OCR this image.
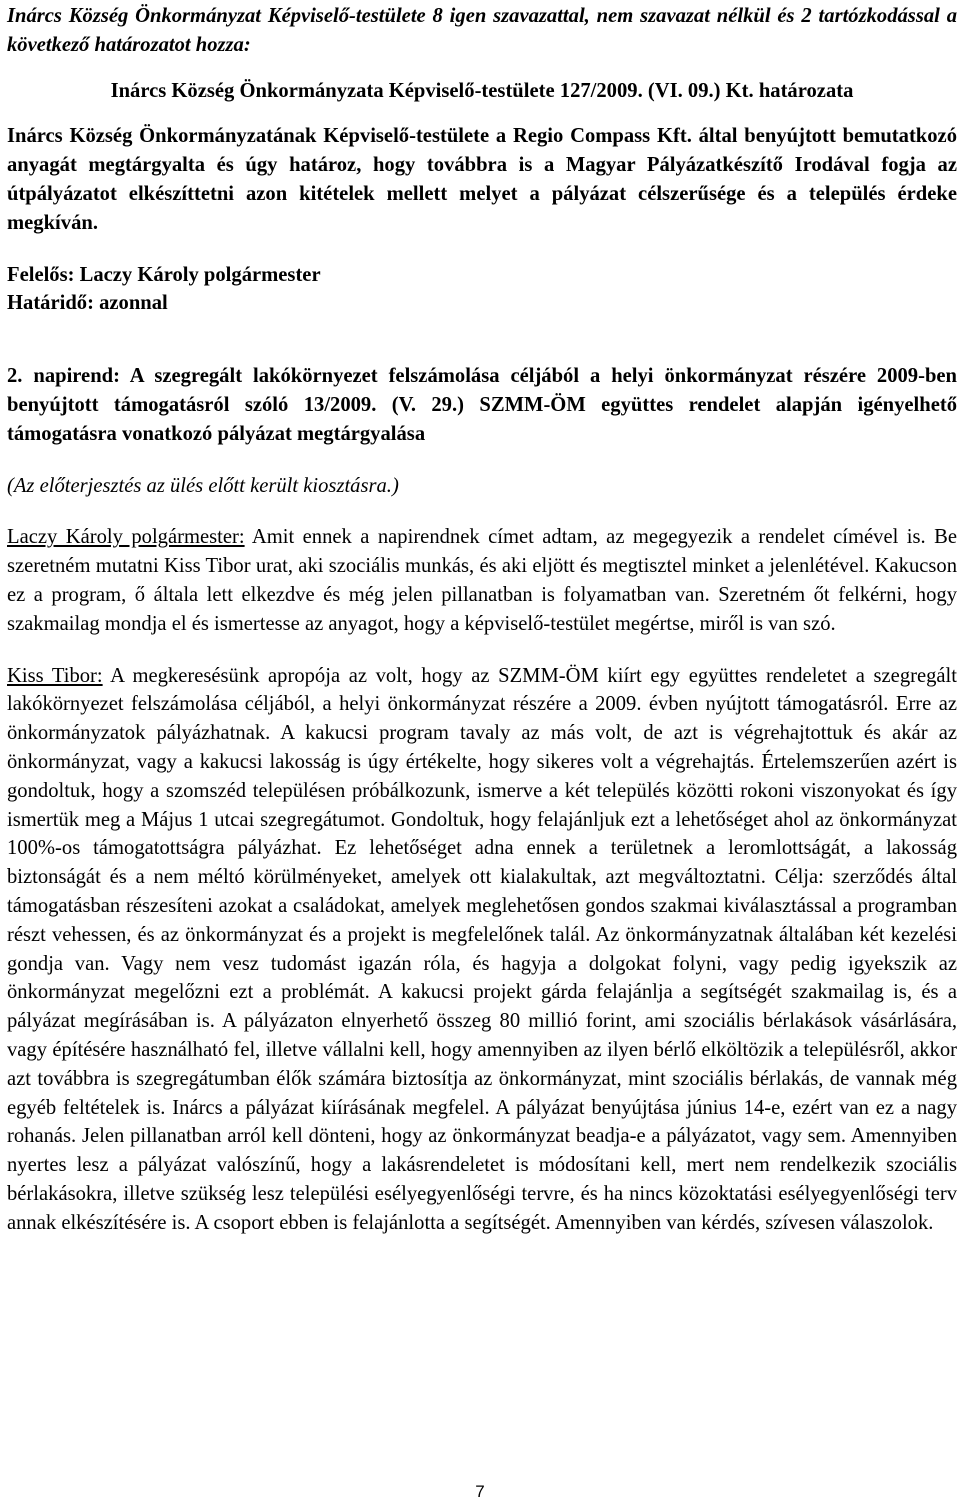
Inárcs Község Önkormányzat Képviselő-testülete 8 igen szavazattal, nem szavazat nélkül és 2 tartózkodással a következő határozatot hozza:

Inárcs Község Önkormányzata Képviselő-testülete 127/2009. (VI. 09.) Kt. határozata

Inárcs Község Önkormányzatának Képviselő-testülete a Regio Compass Kft. által benyújtott bemutatkozó anyagát megtárgyalta és úgy határoz, hogy továbbra is a Magyar Pályázatkészítő Irodával fogja az útpályázatot elkészíttetni azon kitételek mellett melyet a pályázat célszerűsége és a település érdeke megkíván.

Felelős: Laczy Károly polgármester

Határidő: azonnal

2. napirend: A szegregált lakókörnyezet felszámolása céljából a helyi önkormányzat részére 2009-ben benyújtott támogatásról szóló 13/2009. (V. 29.) SZMM-ÖM együttes rendelet alapján igényelhető támogatásra vonatkozó pályázat megtárgyalása

(Az előterjesztés az ülés előtt került kiosztásra.)

Laczy Károly polgármester: Amit ennek a napirendnek címet adtam, az megegyezik a rendelet címével is. Be szeretném mutatni Kiss Tibor urat, aki szociális munkás, és aki eljött és megtisztel minket a jelenlétével. Kakucson ez a program, ő általa lett elkezdve és még jelen pillanatban is folyamatban van. Szeretném őt felkérni, hogy szakmailag mondja el és ismertesse az anyagot, hogy a képviselő-testület megértse, miről is van szó.

Kiss Tibor: A megkeresésünk apropója az volt, hogy az SZMM-ÖM kiírt egy együttes rendeletet a szegregált lakókörnyezet felszámolása céljából, a helyi önkormányzat részére a 2009. évben nyújtott támogatásról. Erre az önkormányzatok pályázhatnak. A kakucsi program tavaly az más volt, de azt is végrehajtottuk és akár az önkormányzat, vagy a kakucsi lakosság is úgy értékelte, hogy sikeres volt a végrehajtás. Értelemszerűen azért is gondoltuk, hogy a szomszéd településen próbálkozunk, ismerve a két település közötti rokoni viszonyokat és így ismertük meg a Május 1 utcai szegregátumot. Gondoltuk, hogy felajánljuk ezt a lehetőséget ahol az önkormányzat 100%-os támogatottságra pályázhat. Ez lehetőséget adna ennek a területnek a leromlottságát, a lakosság biztonságát és a nem méltó körülményeket, amelyek ott kialakultak, azt megváltoztatni. Célja: szerződés által támogatásban részesíteni azokat a családokat, amelyek meglehetősen gondos szakmai kiválasztással a programban részt vehessen, és az önkormányzat és a projekt is megfelelőnek talál. Az önkormányzatnak általában két kezelési gondja van. Vagy nem vesz tudomást igazán róla, és hagyja a dolgokat folyni, vagy pedig igyekszik az önkormányzat megelőzni ezt a problémát. A kakucsi projekt gárda felajánlja a segítségét szakmailag is, és a pályázat megírásában is. A pályázaton elnyerhető összeg 80 millió forint, ami szociális bérlakások vásárlására, vagy építésére használható fel, illetve vállalni kell, hogy amennyiben az ilyen bérlő elköltözik a településről, akkor azt továbbra is szegregátumban élők számára biztosítja az önkormányzat, mint szociális bérlakás, de vannak még egyéb feltételek is. Inárcs a pályázat kiírásának megfelel. A pályázat benyújtása június 14-e, ezért van ez a nagy rohanás. Jelen pillanatban arról kell dönteni, hogy az önkormányzat beadja-e a pályázatot, vagy sem. Amennyiben nyertes lesz a pályázat valószínű, hogy a lakásrendeletet is módosítani kell, mert nem rendelkezik szociális bérlakásokra, illetve szükség lesz települési esélyegyenlőségi tervre, és ha nincs közoktatási esélyegyenlőségi terv annak elkészítésére is. A csoport ebben is felajánlotta a segítségét. Amennyiben van kérdés, szívesen válaszolok.

7
